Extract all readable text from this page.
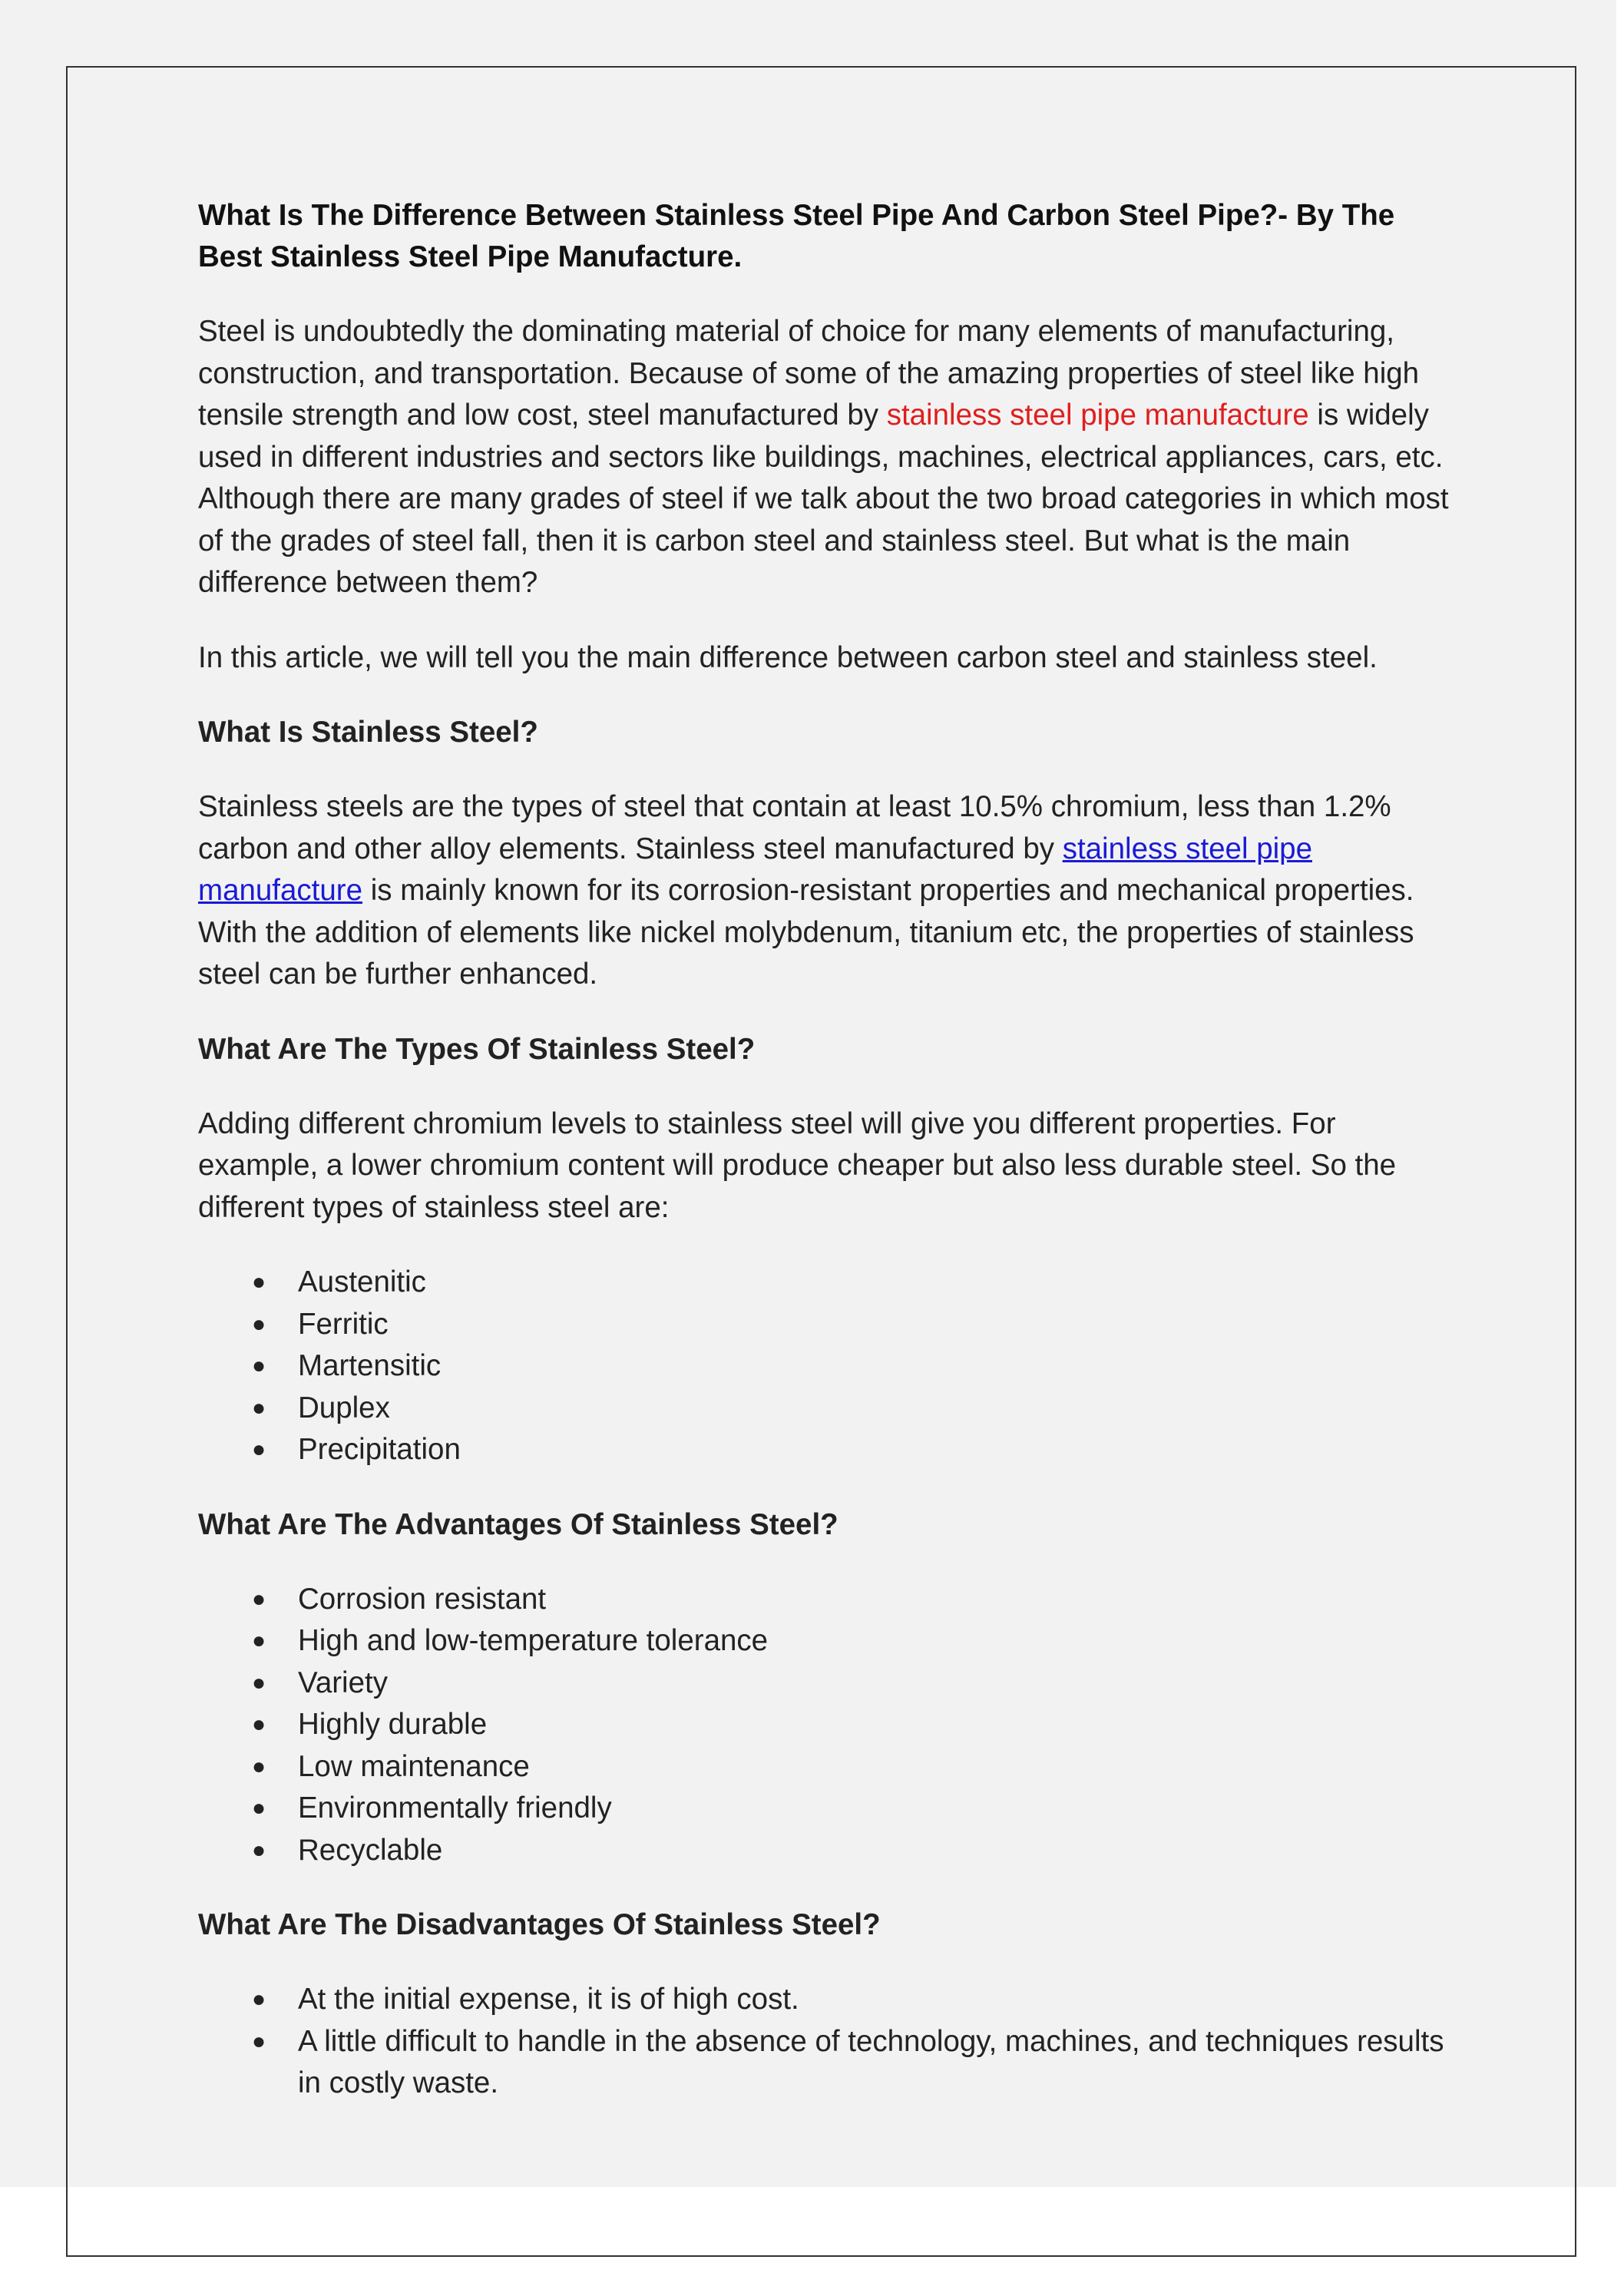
What Is The Difference Between Stainless Steel Pipe And Carbon Steel Pipe?- By The Best Stainless Steel Pipe Manufacture.

Steel is undoubtedly the dominating material of choice for many elements of manufacturing, construction, and transportation. Because of some of the amazing properties of steel like high tensile strength and low cost, steel manufactured by stainless steel pipe manufacture is widely used in different industries and sectors like buildings, machines, electrical appliances, cars, etc. Although there are many grades of steel if we talk about the two broad categories in which most of the grades of steel fall, then it is carbon steel and stainless steel. But what is the main difference between them?

In this article, we will tell you the main difference between carbon steel and stainless steel.

What Is Stainless Steel?

Stainless steels are the types of steel that contain at least 10.5% chromium, less than 1.2% carbon and other alloy elements. Stainless steel manufactured by stainless steel pipe manufacture is mainly known for its corrosion-resistant properties and mechanical properties. With the addition of elements like nickel molybdenum, titanium etc, the properties of stainless steel can be further enhanced.

What Are The Types Of Stainless Steel?

Adding different chromium levels to stainless steel will give you different properties. For example, a lower chromium content will produce cheaper but also less durable steel. So the different types of stainless steel are:

● Austenitic
● Ferritic
● Martensitic
● Duplex
● Precipitation
What Are The Advantages Of Stainless Steel?
● Corrosion resistant
● High and low-temperature tolerance
● Variety
● Highly durable
● Low maintenance
● Environmentally friendly
● Recyclable
What Are The Disadvantages Of Stainless Steel?
● At the initial expense, it is of high cost.
● A little difficult to handle in the absence of technology, machines, and techniques results in costly waste.
